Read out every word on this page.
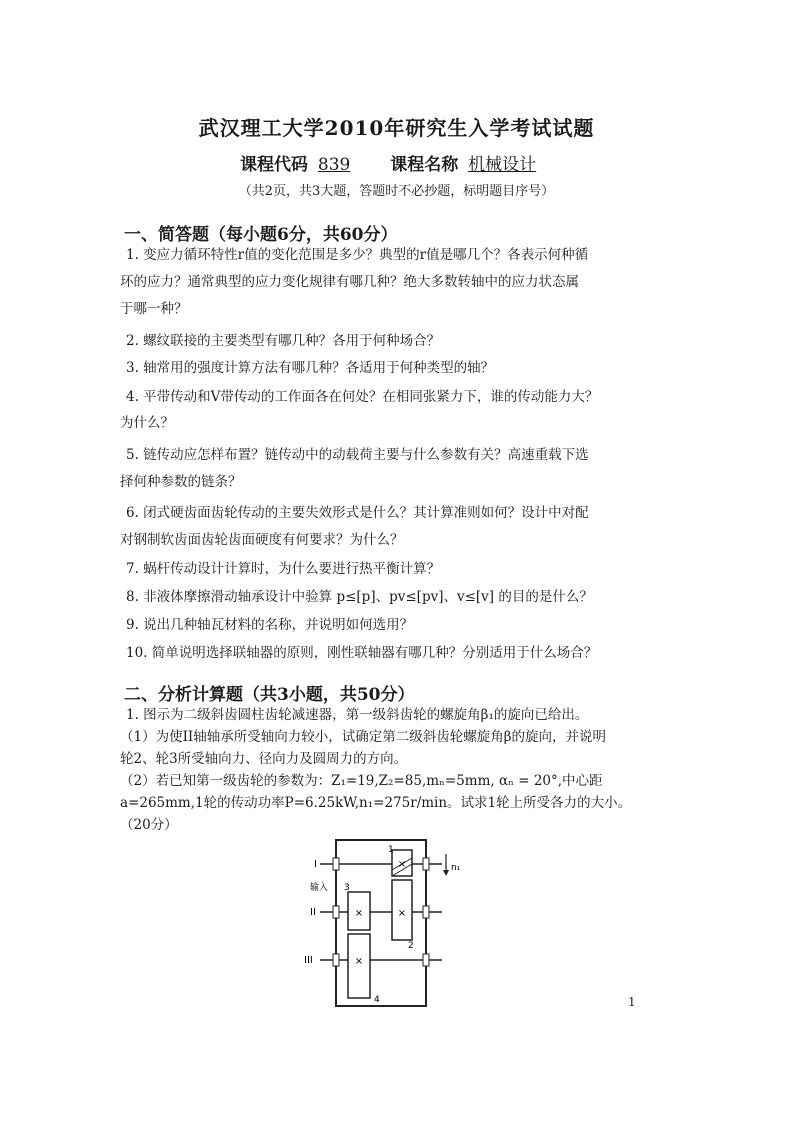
武汉理工大学2010年研究生入学考试试题
课程代码 839 课程名称 机械设计
（共2页，共3大题，答题时不必抄题，标明题目序号）
一、简答题（每小题6分，共60分）
1. 变应力循环特性r值的变化范围是多少？典型的r值是哪几个？各表示何种循
环的应力？通常典型的应力变化规律有哪几种？绝大多数转轴中的应力状态属
于哪一种？
2. 螺纹联接的主要类型有哪几种？各用于何种场合？
3. 轴常用的强度计算方法有哪几种？各适用于何种类型的轴？
4. 平带传动和V带传动的工作面各在何处？在相同张紧力下，谁的传动能力大？
为什么？
5. 链传动应怎样布置？链传动中的动载荷主要与什么参数有关？高速重载下选
择何种参数的链条？
6. 闭式硬齿面齿轮传动的主要失效形式是什么？其计算准则如何？设计中对配
对钢制软齿面齿轮齿面硬度有何要求？为什么？
7. 蜗杆传动设计计算时，为什么要进行热平衡计算？
8. 非液体摩擦滑动轴承设计中验算 p≤[p]、pv≤[pv]、v≤[v] 的目的是什么？
9. 说出几种轴瓦材料的名称，并说明如何选用？
10. 简单说明选择联轴器的原则，刚性联轴器有哪几种？分别适用于什么场合？
二、分析计算题（共3小题，共50分）
1. 图示为二级斜齿圆柱齿轮减速器，第一级斜齿轮的螺旋角β₁的旋向已给出。
（1）为使II轴轴承所受轴向力较小，试确定第二级斜齿轮螺旋角β的旋向，并说明
轮2、轮3所受轴向力、径向力及圆周力的方向。
（2）若已知第一级齿轮的参数为：Z₁=19,Z₂=85,mₙ=5mm, αₙ = 20°,中心距
a=265mm,1轮的传动功率P=6.25kW,n₁=275r/min。试求1轮上所受各力的大小。
（20分）
×
×
×
×
I
II
III
输入 3
1
2
4
n₁
1
